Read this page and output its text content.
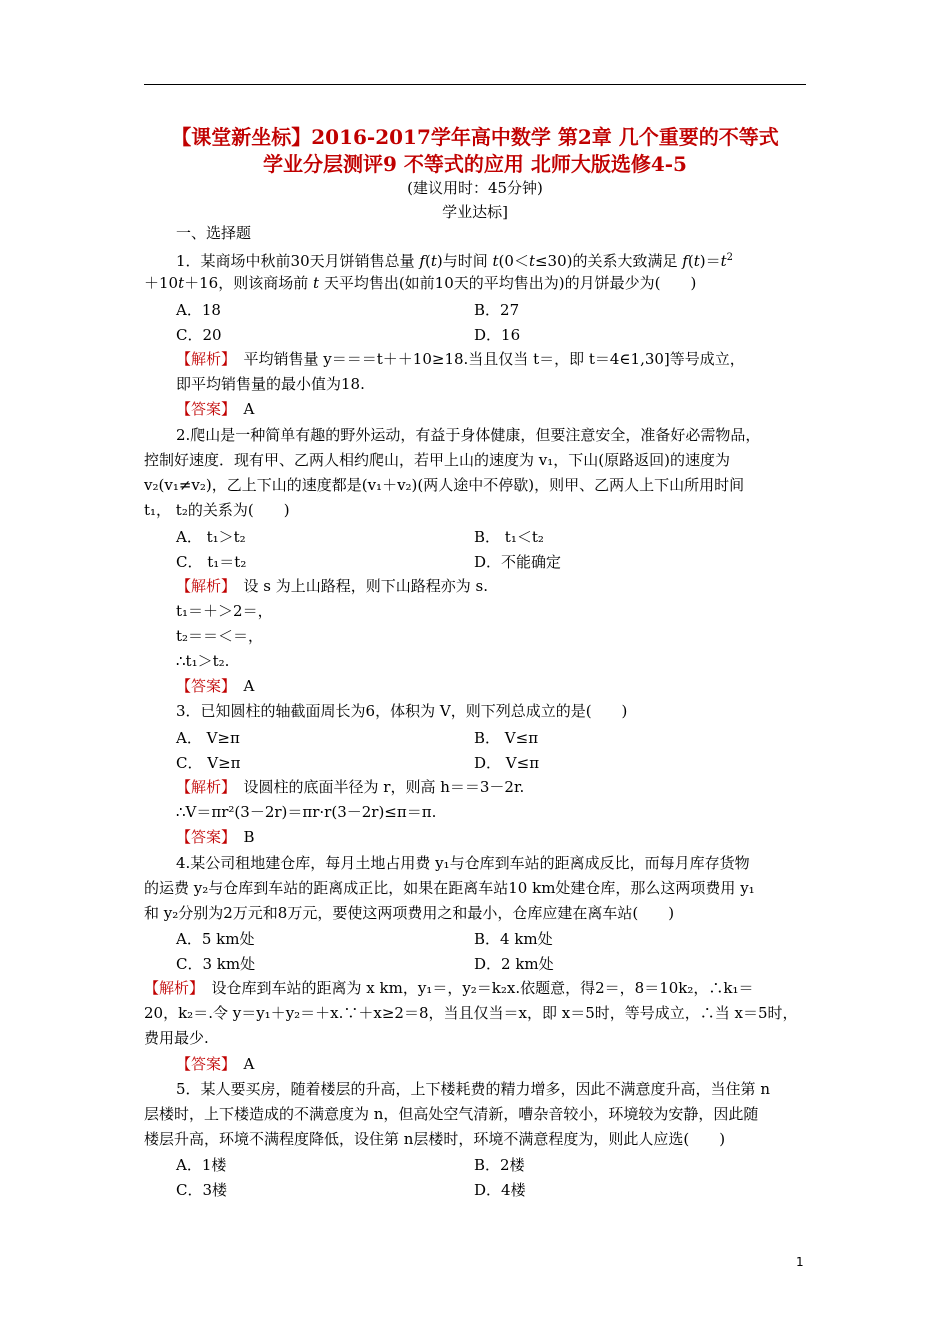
【课堂新坐标】2016-2017学年高中数学 第2章 几个重要的不等式
学业分层测评9 不等式的应用 北师大版选修4-5
(建议用时：45分钟)
学业达标]
一、选择题
1．某商场中秋前30天月饼销售总量 f(t)与时间 t(0＜t≤30)的关系大致满足 $f(t)=t^2$
＋10t＋16，则该商场前 t 天平均售出(如前10天的平均售出为)的月饼最少为(　　)
A．18	B．27
C．20	D．16
【解析】　平均销售量 y＝＝＝t＋＋10≥18.当且仅当 t＝，即 t＝4∈1,30]等号成立，
即平均销售量的最小值为18.
【答案】　A
2.爬山是一种简单有趣的野外运动，有益于身体健康，但要注意安全，准备好必需物品，
控制好速度．现有甲、乙两人相约爬山，若甲上山的速度为 v₁，下山(原路返回)的速度为
v₂(v₁≠v₂)，乙上下山的速度都是(v₁＋v₂)(两人途中不停歇)，则甲、乙两人上下山所用时间
t₁， t₂的关系为(　　)
A． t₁＞t₂	B． t₁＜t₂
C． t₁＝t₂	D．不能确定
【解析】　设 s 为上山路程，则下山路程亦为 s.
t₁＝＋＞2＝，
t₂＝＝＜＝，
∴t₁＞t₂.
【答案】　A
3．已知圆柱的轴截面周长为6，体积为 V，则下列总成立的是(　　)
A． V≥π	B． V≤π
C． V≥π	D． V≤π
【解析】　设圆柱的底面半径为 r，则高 h＝＝3－2r.
∴V＝πr²(3－2r)＝πr·r(3－2r)≤π＝π.
【答案】　B
4.某公司租地建仓库，每月土地占用费 y₁与仓库到车站的距离成反比，而每月库存货物
的运费 y₂与仓库到车站的距离成正比，如果在距离车站10 km处建仓库，那么这两项费用 y₁
和 y₂分别为2万元和8万元，要使这两项费用之和最小，仓库应建在离车站(　　)
A．5 km处	B．4 km处
C．3 km处	D．2 km处
【解析】　设仓库到车站的距离为 x km，y₁＝，y₂＝k₂x.依题意，得2＝，8＝10k₂，∴k₁＝
20，k₂＝.令 y＝y₁＋y₂＝＋x.∵＋x≥2＝8，当且仅当＝x，即 x＝5时，等号成立，∴当 x＝5时，
费用最少.
【答案】　A
5．某人要买房，随着楼层的升高，上下楼耗费的精力增多，因此不满意度升高，当住第 n
层楼时，上下楼造成的不满意度为 n，但高处空气清新，嘈杂音较小，环境较为安静，因此随
楼层升高，环境不满程度降低，设住第 n层楼时，环境不满意程度为，则此人应选(　　)
A．1楼	B．2楼
C．3楼	D．4楼
1
